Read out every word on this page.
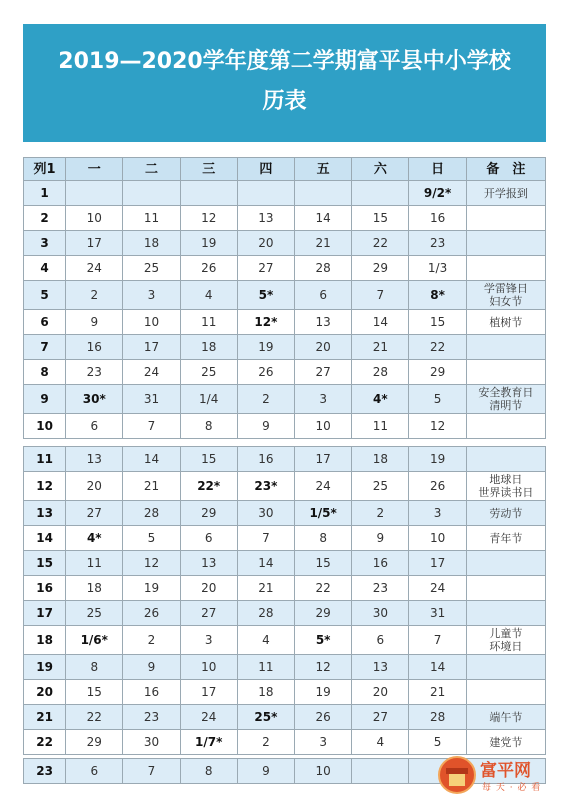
2019—2020学年度第二学期富平县中小学校
历表
列1	一	二	三	四	五	六	日	备　注
1							9/2*	开学报到
2	10	11	12	13	14	15	16	
3	17	18	19	20	21	22	23	
4	24	25	26	27	28	29	1/3	
5	2	3	4	5*	6	7	8*	学雷锋日
妇女节
6	9	10	11	12*	13	14	15	植树节
7	16	17	18	19	20	21	22	
8	23	24	25	26	27	28	29	
9	30*	31	1/4	2	3	4*	5	安全教育日
清明节
10	6	7	8	9	10	11	12	
11	13	14	15	16	17	18	19	
12	20	21	22*	23*	24	25	26	地球日
世界读书日
13	27	28	29	30	1/5*	2	3	劳动节
14	4*	5	6	7	8	9	10	青年节
15	11	12	13	14	15	16	17	
16	18	19	20	21	22	23	24	
17	25	26	27	28	29	30	31	
18	1/6*	2	3	4	5*	6	7	儿童节
环境日
19	8	9	10	11	12	13	14	
20	15	16	17	18	19	20	21	
21	22	23	24	25*	26	27	28	端午节
22	29	30	1/7*	2	3	4	5	建党节
23	6	7	8	9	10				富平网
每 天 · 必 看
